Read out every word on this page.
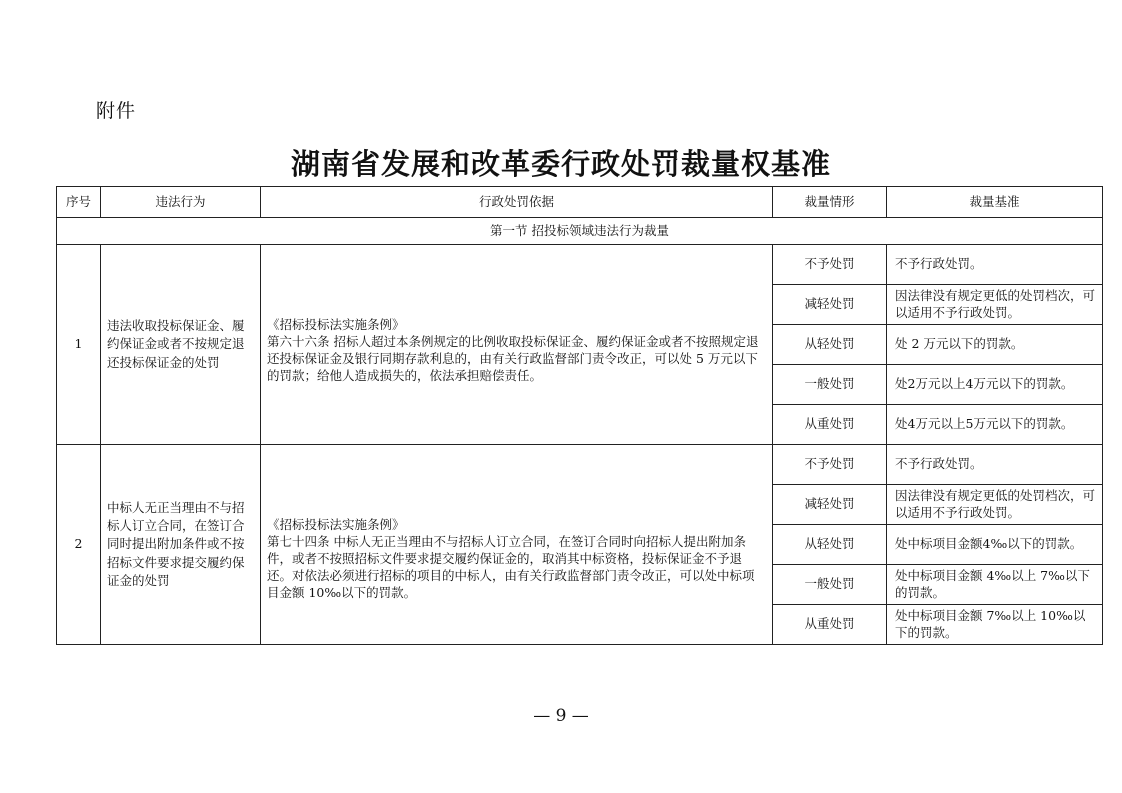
附件
湖南省发展和改革委行政处罚裁量权基准
序号	违法行为	行政处罚依据	裁量情形	裁量基准
第一节 招投标领域违法行为裁量				
1	违法收取投标保证金、履约保证金或者不按规定退还投标保证金的处罚	《招标投标法实施条例》
第六十六条 招标人超过本条例规定的比例收取投标保证金、履约保证金或者不按照规定退还投标保证金及银行同期存款利息的，由有关行政监督部门责令改正，可以处 5 万元以下的罚款；给他人造成损失的，依法承担赔偿责任。	不予处罚	不予行政处罚。
			减轻处罚	因法律没有规定更低的处罚档次，可以适用不予行政处罚。
			从轻处罚	处 2 万元以下的罚款。
			一般处罚	处2万元以上4万元以下的罚款。
			从重处罚	处4万元以上5万元以下的罚款。
2	中标人无正当理由不与招标人订立合同，在签订合同时提出附加条件或不按招标文件要求提交履约保证金的处罚	《招标投标法实施条例》
第七十四条 中标人无正当理由不与招标人订立合同，在签订合同时向招标人提出附加条件，或者不按照招标文件要求提交履约保证金的，取消其中标资格，投标保证金不予退还。对依法必须进行招标的项目的中标人，由有关行政监督部门责令改正，可以处中标项目金额 10‰以下的罚款。	不予处罚	不予行政处罚。
			减轻处罚	因法律没有规定更低的处罚档次，可以适用不予行政处罚。
			从轻处罚	处中标项目金额4‰以下的罚款。
			一般处罚	处中标项目金额 4‰以上 7‰以下的罚款。
			从重处罚	处中标项目金额 7‰以上 10‰以下的罚款。
— 9 —
